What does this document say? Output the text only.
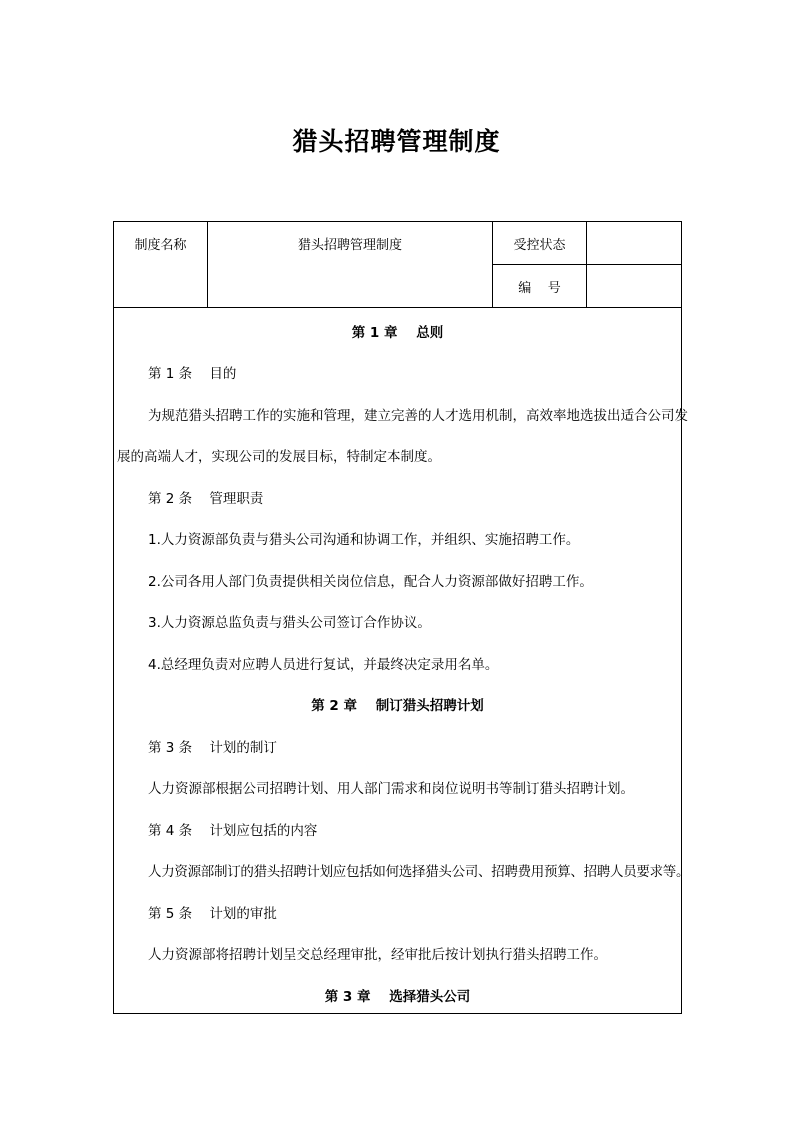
猎头招聘管理制度
制度名称	猎头招聘管理制度	受控状态
编    号
第 1 章    总则
第 1 条    目的
为规范猎头招聘工作的实施和管理，建立完善的人才选用机制，高效率地选拔出适合公司发
展的高端人才，实现公司的发展目标，特制定本制度。
第 2 条    管理职责
1.人力资源部负责与猎头公司沟通和协调工作，并组织、实施招聘工作。
2.公司各用人部门负责提供相关岗位信息，配合人力资源部做好招聘工作。
3.人力资源总监负责与猎头公司签订合作协议。
4.总经理负责对应聘人员进行复试，并最终决定录用名单。
第 2 章    制订猎头招聘计划
第 3 条    计划的制订
人力资源部根据公司招聘计划、用人部门需求和岗位说明书等制订猎头招聘计划。
第 4 条    计划应包括的内容
人力资源部制订的猎头招聘计划应包括如何选择猎头公司、招聘费用预算、招聘人员要求等。
第 5 条    计划的审批
人力资源部将招聘计划呈交总经理审批，经审批后按计划执行猎头招聘工作。
第 3 章    选择猎头公司
